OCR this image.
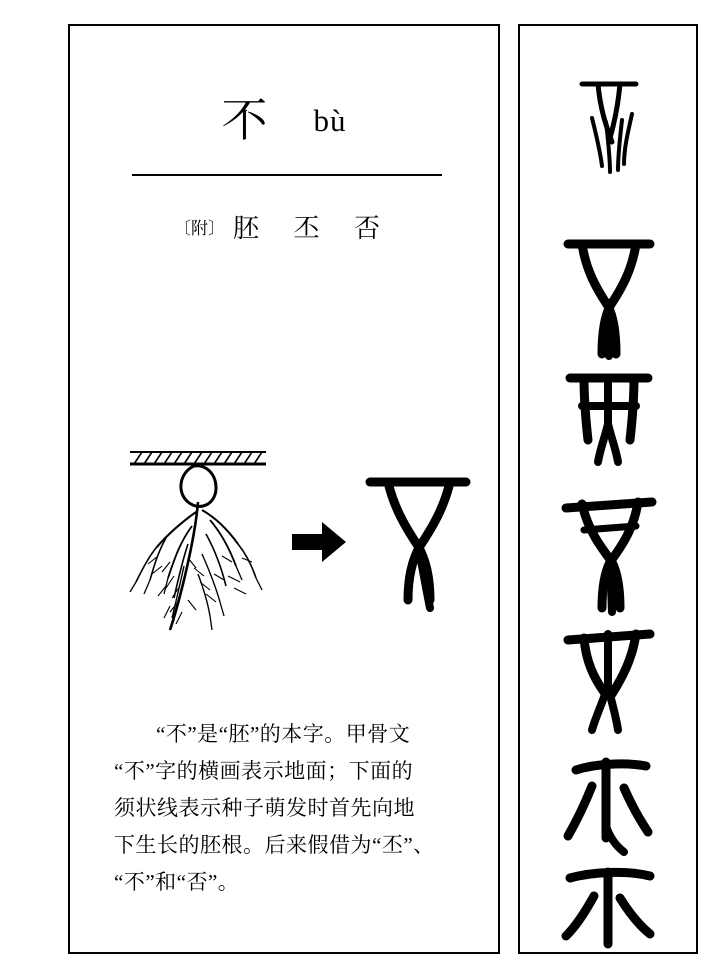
不 bù
〔附〕 胚 丕 否

“不”是“胚”的本字。甲骨文

“不”字的横画表示地面；下面的

须状线表示种子萌发时首先向地

下生长的胚根。后来假借为“丕”、

“不”和“否”。
